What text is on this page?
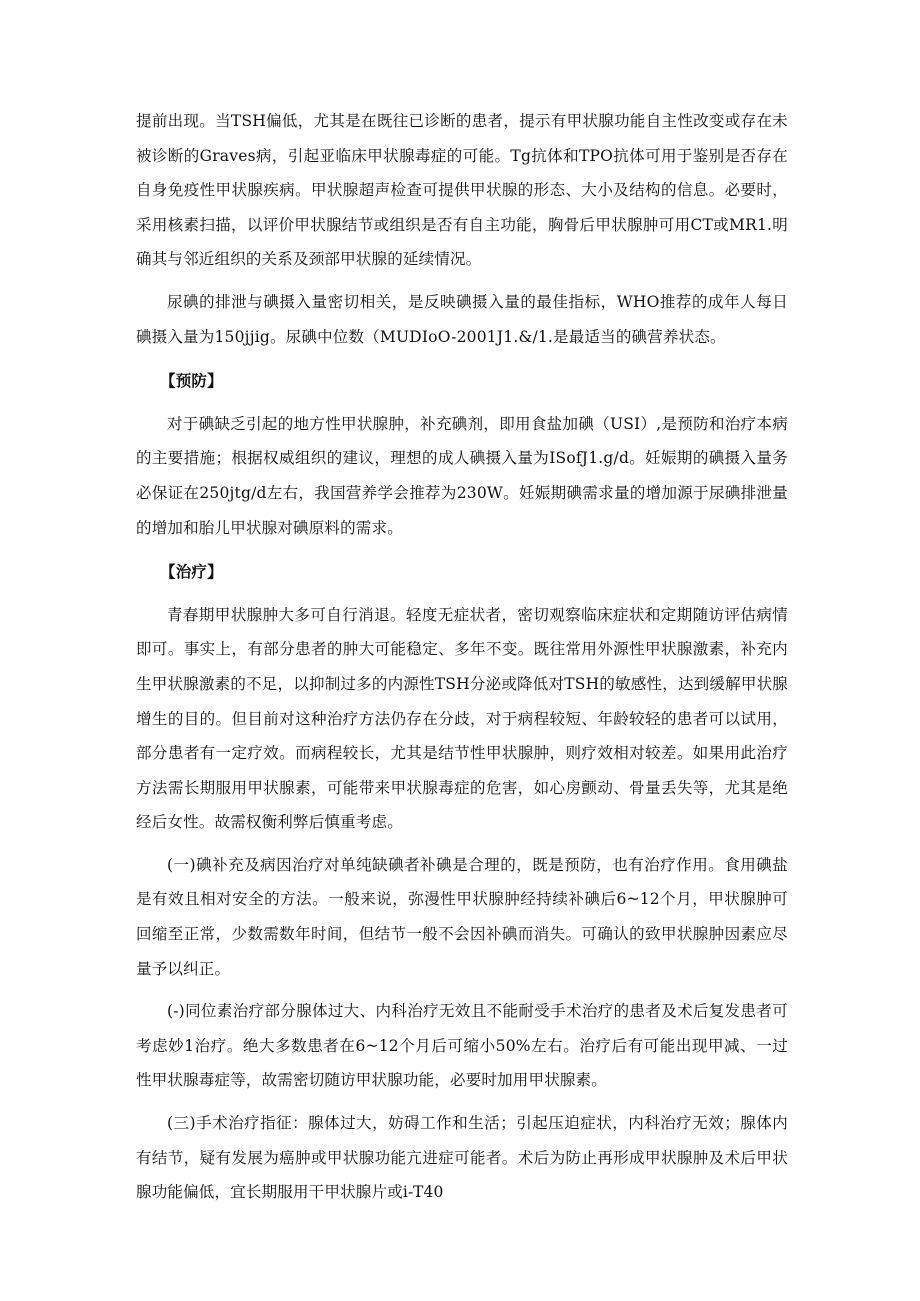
提前出现。当TSH偏低，尤其是在既往已诊断的患者，提示有甲状腺功能自主性改变或存在未被诊断的Graves病，引起亚临床甲状腺毒症的可能。Tg抗体和TPO抗体可用于鉴别是否存在自身免疫性甲状腺疾病。甲状腺超声检查可提供甲状腺的形态、大小及结构的信息。必要时，采用核素扫描，以评价甲状腺结节或组织是否有自主功能，胸骨后甲状腺肿可用CT或MR1.明确其与邻近组织的关系及颈部甲状腺的延续情况。

尿碘的排泄与碘摄入量密切相关，是反映碘摄入量的最佳指标，WHO推荐的成年人每日碘摄入量为150jjig。尿碘中位数（MUDIoO-2001J1.&/1.是最适当的碘营养状态。

【预防】

对于碘缺乏引起的地方性甲状腺肿，补充碘剂，即用食盐加碘（USI）,是预防和治疗本病的主要措施；根据权威组织的建议，理想的成人碘摄入量为ISofJ1.g/d。妊娠期的碘摄入量务必保证在250jtg∕d左右，我国营养学会推荐为230W。妊娠期碘需求量的增加源于尿碘排泄量的增加和胎儿甲状腺对碘原料的需求。

【治疗】

青春期甲状腺肿大多可自行消退。轻度无症状者，密切观察临床症状和定期随访评估病情即可。事实上，有部分患者的肿大可能稳定、多年不变。既往常用外源性甲状腺激素，补充内生甲状腺激素的不足，以抑制过多的内源性TSH分泌或降低对TSH的敏感性，达到缓解甲状腺增生的目的。但目前对这种治疗方法仍存在分歧，对于病程较短、年龄较轻的患者可以试用，部分患者有一定疗效。而病程较长，尤其是结节性甲状腺肿，则疗效相对较差。如果用此治疗方法需长期服用甲状腺素，可能带来甲状腺毒症的危害，如心房颤动、骨量丢失等，尤其是绝经后女性。故需权衡利弊后慎重考虑。

(一)碘补充及病因治疗对单纯缺碘者补碘是合理的，既是预防，也有治疗作用。食用碘盐是有效且相对安全的方法。一般来说，弥漫性甲状腺肿经持续补碘后6~12个月，甲状腺肿可回缩至正常，少数需数年时间，但结节一般不会因补碘而消失。可确认的致甲状腺肿因素应尽量予以纠正。

(-)同位素治疗部分腺体过大、内科治疗无效且不能耐受手术治疗的患者及术后复发患者可考虑妙1治疗。绝大多数患者在6~12个月后可缩小50%左右。治疗后有可能出现甲减、一过性甲状腺毒症等，故需密切随访甲状腺功能，必要时加用甲状腺素。

(三)手术治疗指征：腺体过大，妨碍工作和生活；引起压迫症状，内科治疗无效；腺体内有结节，疑有发展为癌肿或甲状腺功能亢进症可能者。术后为防止再形成甲状腺肿及术后甲状腺功能偏低，宜长期服用干甲状腺片或i-T40
